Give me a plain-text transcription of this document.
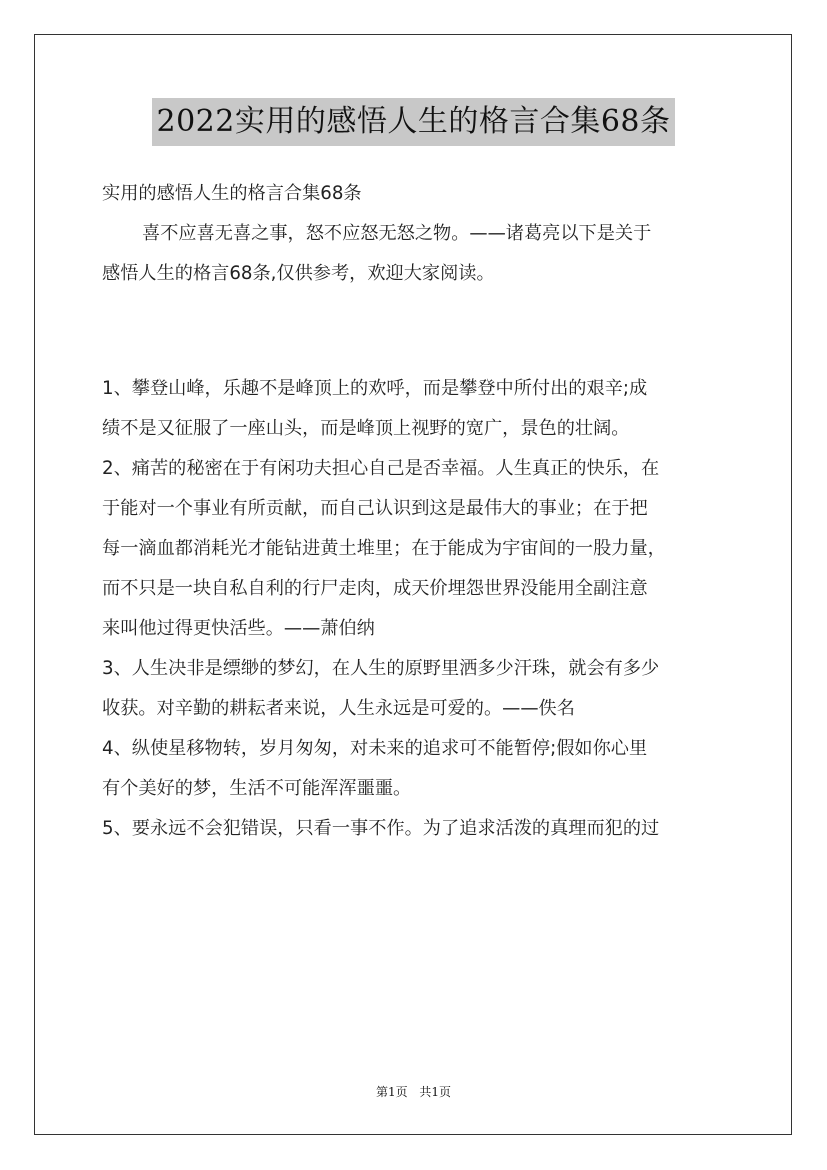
2022实用的感悟人生的格言合集68条
实用的感悟人生的格言合集68条
喜不应喜无喜之事，怒不应怒无怒之物。——诸葛亮以下是关于
感悟人生的格言68条,仅供参考，欢迎大家阅读。
1、攀登山峰，乐趣不是峰顶上的欢呼，而是攀登中所付出的艰辛;成
绩不是又征服了一座山头，而是峰顶上视野的宽广，景色的壮阔。
2、痛苦的秘密在于有闲功夫担心自己是否幸福。人生真正的快乐，在
于能对一个事业有所贡献，而自己认识到这是最伟大的事业；在于把
每一滴血都消耗光才能钻进黄土堆里；在于能成为宇宙间的一股力量，
而不只是一块自私自利的行尸走肉，成天价埋怨世界没能用全副注意
来叫他过得更快活些。——萧伯纳
3、人生决非是缥缈的梦幻，在人生的原野里洒多少汗珠，就会有多少
收获。对辛勤的耕耘者来说，人生永远是可爱的。——佚名
4、纵使星移物转，岁月匆匆，对未来的追求可不能暂停;假如你心里
有个美好的梦，生活不可能浑浑噩噩。
5、要永远不会犯错误，只看一事不作。为了追求活泼的真理而犯的过
第1页 共1页
